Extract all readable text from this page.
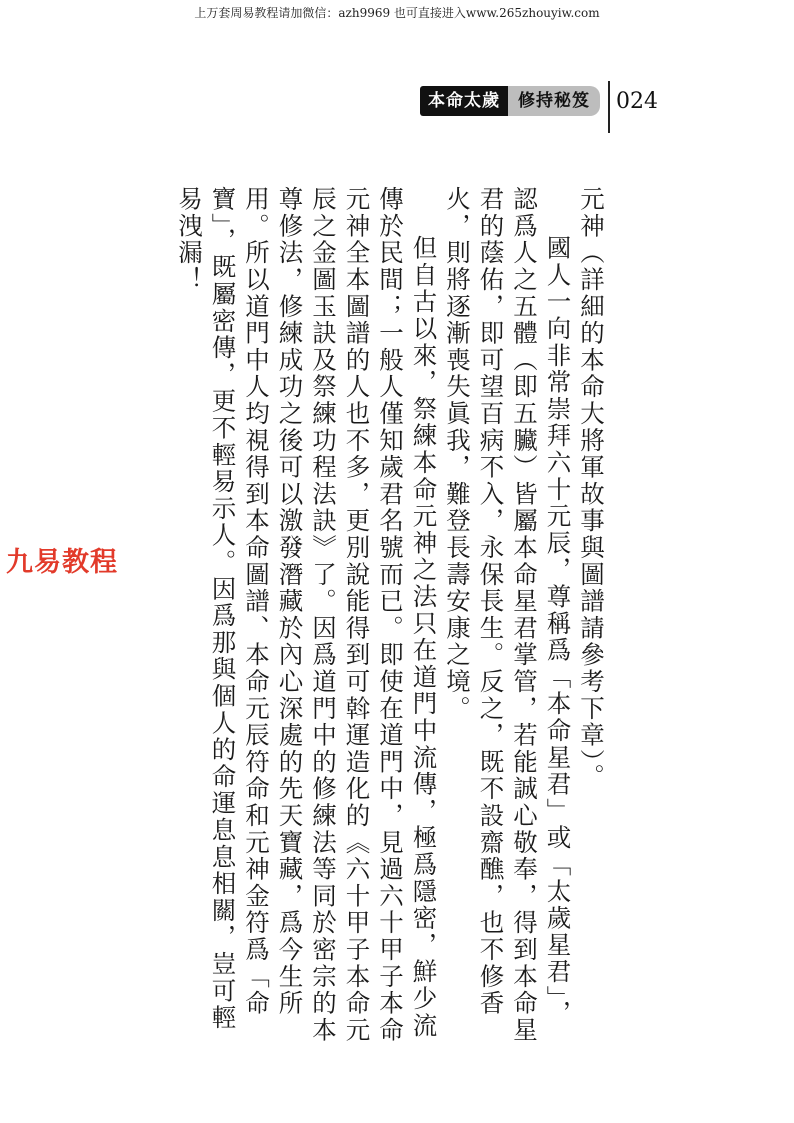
上万套周易教程请加微信：azh9969 也可直接进入www.265zhouyiw.com
本命太歲	修持秘笈	024

元神（詳細的本命大將軍故事與圖譜請參考下章）。

國人一向非常崇拜六十元辰，尊稱爲「本命星君」或「太歲星君」，認爲人之五體（即五臟）皆屬本命星君掌管，若能誠心敬奉，得到本命星君的蔭佑，即可望百病不入，永保長生。反之，既不設齋醮，也不修香火，則將逐漸喪失眞我，難登長壽安康之境。

但自古以來，祭練本命元神之法只在道門中流傳，極爲隱密，鮮少流傳於民間；一般人僅知歲君名號而已。即使在道門中，見過六十甲子本命元神全本圖譜的人也不多，更別說能得到可斡運造化的《六十甲子本命元辰之金圖玉訣及祭練功程法訣》了。因爲道門中的修練法等同於密宗的本尊修法，修練成功之後可以激發潛藏於內心深處的先天寶藏，爲今生所用。所以道門中人均視得到本命圖譜、本命元辰符命和元神金符爲「命寶」，既屬密傳，更不輕易示人。因爲那與個人的命運息息相關，豈可輕易洩漏！

九易教程
